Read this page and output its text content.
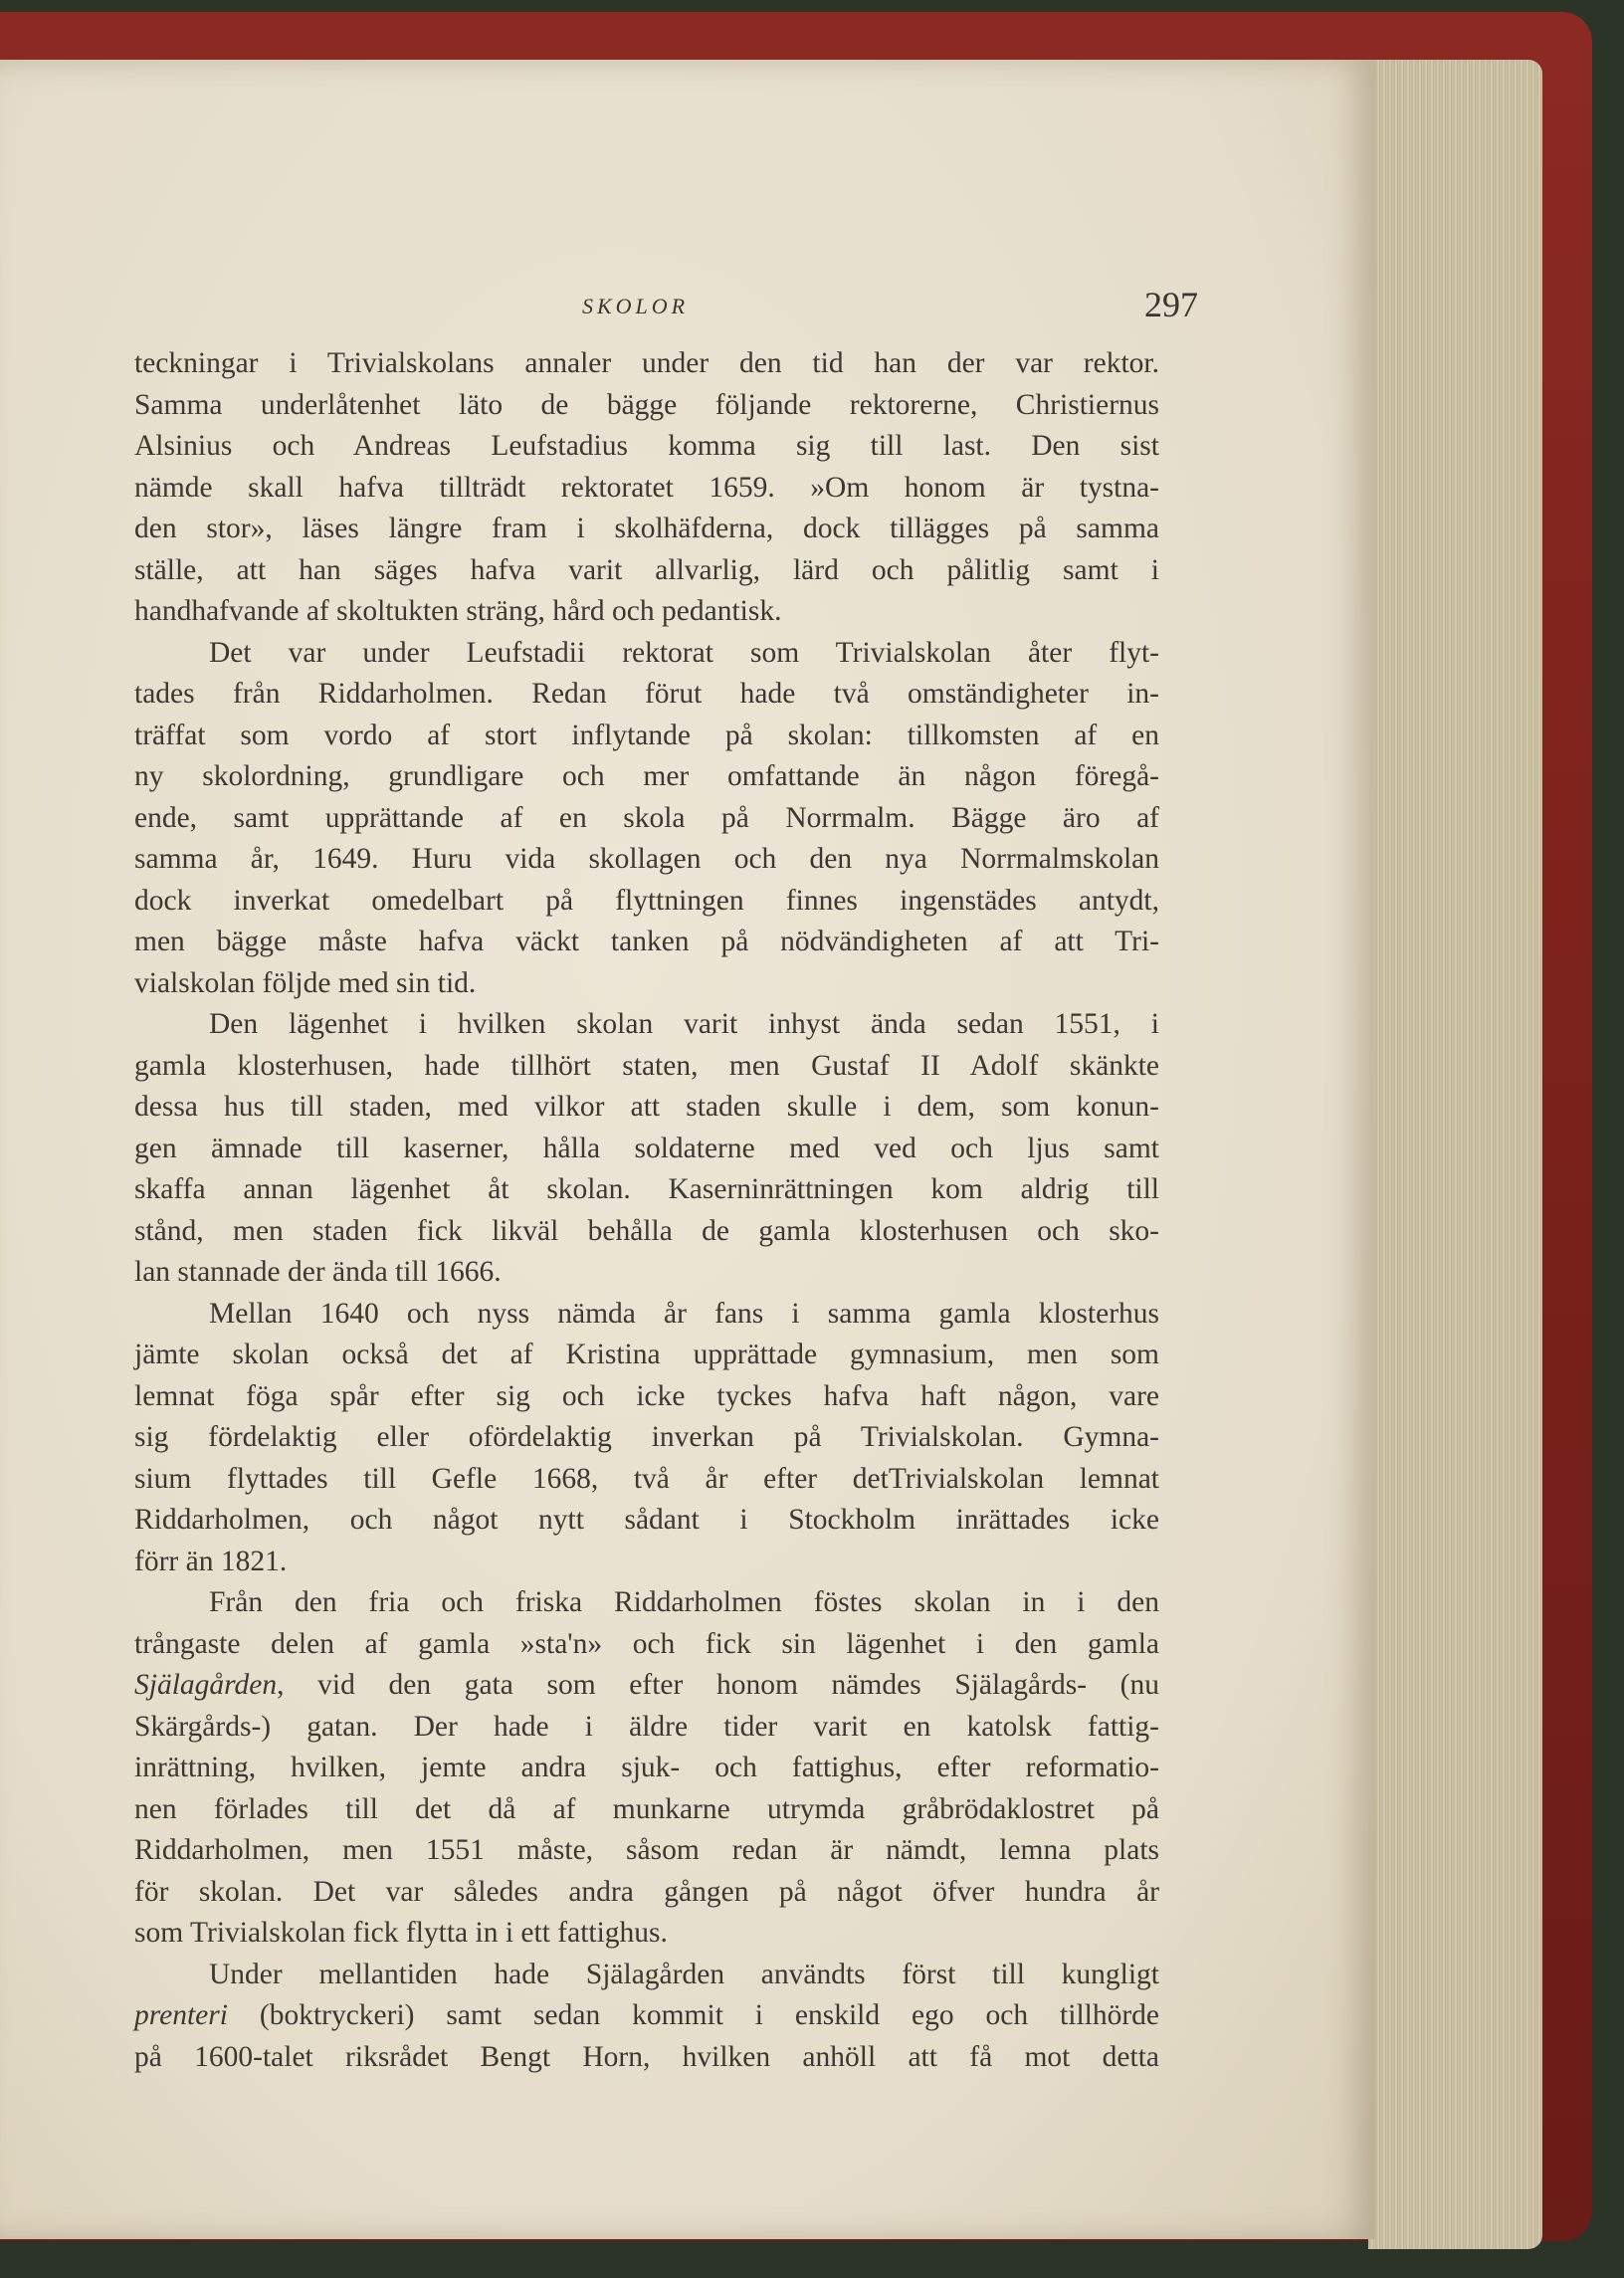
SKOLOR	297
teckningar i Trivialskolans annaler under den tid han der var rektor.
Samma underlåtenhet läto de bägge följande rektorerne, Christiernus
Alsinius och Andreas Leufstadius komma sig till last. Den sist
nämde skall hafva tillträdt rektoratet 1659. »Om honom är tystna-
den stor», läses längre fram i skolhäfderna, dock tillägges på samma
ställe, att han säges hafva varit allvarlig, lärd och pålitlig samt i
handhafvande af skoltukten sträng, hård och pedantisk.
Det var under Leufstadii rektorat som Trivialskolan åter flyt-
tades från Riddarholmen. Redan förut hade två omständigheter in-
träffat som vordo af stort inflytande på skolan: tillkomsten af en
ny skolordning, grundligare och mer omfattande än någon föregå-
ende, samt upprättande af en skola på Norrmalm. Bägge äro af
samma år, 1649. Huru vida skollagen och den nya Norrmalmskolan
dock inverkat omedelbart på flyttningen finnes ingenstädes antydt,
men bägge måste hafva väckt tanken på nödvändigheten af att Tri-
vialskolan följde med sin tid.
Den lägenhet i hvilken skolan varit inhyst ända sedan 1551, i
gamla klosterhusen, hade tillhört staten, men Gustaf II Adolf skänkte
dessa hus till staden, med vilkor att staden skulle i dem, som konun-
gen ämnade till kaserner, hålla soldaterne med ved och ljus samt
skaffa annan lägenhet åt skolan. Kaserninrättningen kom aldrig till
stånd, men staden fick likväl behålla de gamla klosterhusen och sko-
lan stannade der ända till 1666.
Mellan 1640 och nyss nämda år fans i samma gamla klosterhus
jämte skolan också det af Kristina upprättade gymnasium, men som
lemnat föga spår efter sig och icke tyckes hafva haft någon, vare
sig fördelaktig eller ofördelaktig inverkan på Trivialskolan. Gymna-
sium flyttades till Gefle 1668, två år efter detTrivialskolan lemnat
Riddarholmen, och något nytt sådant i Stockholm inrättades icke
förr än 1821.
Från den fria och friska Riddarholmen föstes skolan in i den
trångaste delen af gamla »sta'n» och fick sin lägenhet i den gamla
Själagården, vid den gata som efter honom nämdes Själagårds- (nu
Skärgårds-) gatan. Der hade i äldre tider varit en katolsk fattig-
inrättning, hvilken, jemte andra sjuk- och fattighus, efter reformatio-
nen förlades till det då af munkarne utrymda gråbrödaklostret på
Riddarholmen, men 1551 måste, såsom redan är nämdt, lemna plats
för skolan. Det var således andra gången på något öfver hundra år
som Trivialskolan fick flytta in i ett fattighus.
Under mellantiden hade Själagården användts först till kungligt
prenteri (boktryckeri) samt sedan kommit i enskild ego och tillhörde
på 1600-talet riksrådet Bengt Horn, hvilken anhöll att få mot detta
